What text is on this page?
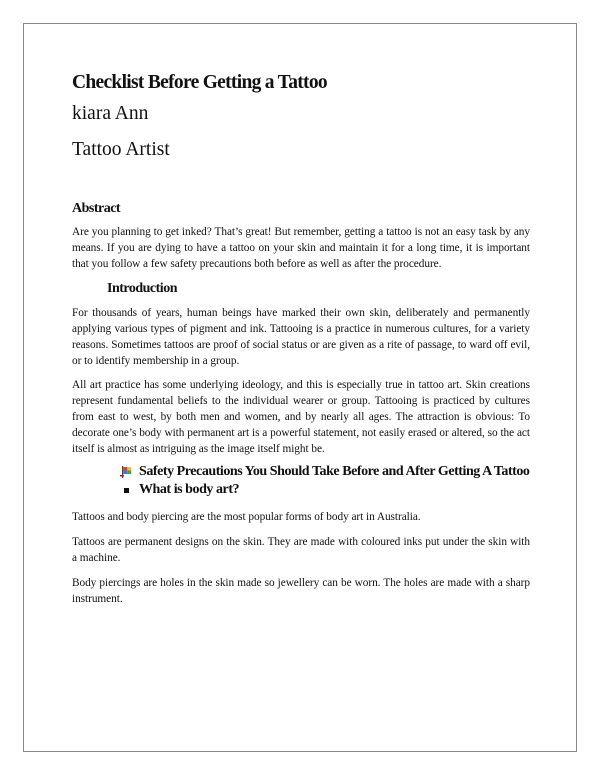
Checklist Before Getting a Tattoo
kiara Ann
Tattoo Artist
Abstract

Are you planning to get inked? That’s great! But remember, getting a tattoo is not an easy task by any means. If you are dying to have a tattoo on your skin and maintain it for a long time, it is important that you follow a few safety precautions both before as well as after the procedure.

Introduction

For thousands of years, human beings have marked their own skin, deliberately and permanently applying various types of pigment and ink. Tattooing is a practice in numerous cultures, for a variety reasons. Sometimes tattoos are proof of social status or are given as a rite of passage, to ward off evil, or to identify membership in a group.

All art practice has some underlying ideology, and this is especially true in tattoo art. Skin creations represent fundamental beliefs to the individual wearer or group. Tattooing is practiced by cultures from east to west, by both men and women, and by nearly all ages. The attraction is obvious: To decorate one’s body with permanent art is a powerful statement, not easily erased or altered, so the act itself is almost as intriguing as the image itself might be.

Safety Precautions You Should Take Before and After Getting A Tattoo
What is body art?

Tattoos and body piercing are the most popular forms of body art in Australia.

Tattoos are permanent designs on the skin. They are made with coloured inks put under the skin with a machine.

Body piercings are holes in the skin made so jewellery can be worn. The holes are made with a sharp instrument.
